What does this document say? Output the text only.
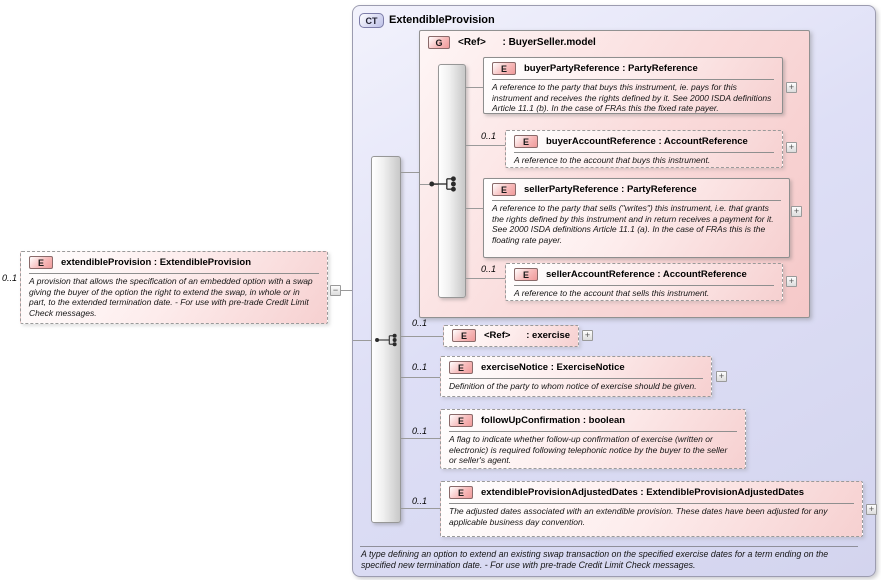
0..1
E	extendibleProvision : ExtendibleProvision
A provision that allows the specification of an embedded option with a swap giving the buyer of the option the right to extend the swap, in whole or in part, to the extended termination date. - For use with pre-trade Credit Limit Check messages.
−
CT	ExtendibleProvision
G	<Ref>      : BuyerSeller.model
E	buyerPartyReference : PartyReference
A reference to the party that buys this instrument, ie. pays for this instrument and receives the rights defined by it. See 2000 ISDA definitions Article 11.1 (b). In the case of FRAs this the fixed rate payer.
+
0..1
E	buyerAccountReference : AccountReference
A reference to the account that buys this instrument.
+
E	sellerPartyReference : PartyReference
A reference to the party that sells ("writes") this instrument, i.e. that grants the rights defined by this instrument and in return receives a payment for it. See 2000 ISDA definitions Article 11.1 (a). In the case of FRAs this is the floating rate payer.
+
0..1
E	sellerAccountReference : AccountReference
A reference to the account that sells this instrument.
+
0..1
E	<Ref>      : exercise	+
0..1	E	exerciseNotice : ExerciseNotice
Definition of the party to whom notice of exercise should be given.
+
0..1
E	followUpConfirmation : boolean
A flag to indicate whether follow-up confirmation of exercise (written or electronic) is required following telephonic notice by the buyer to the seller or seller's agent.
0..1
E	extendibleProvisionAdjustedDates : ExtendibleProvisionAdjustedDates
The adjusted dates associated with an extendible provision. These dates have been adjusted for any applicable business day convention.
+
A type defining an option to extend an existing swap transaction on the specified exercise dates for a term ending on the specified new termination date. - For use with pre-trade Credit Limit Check messages.
